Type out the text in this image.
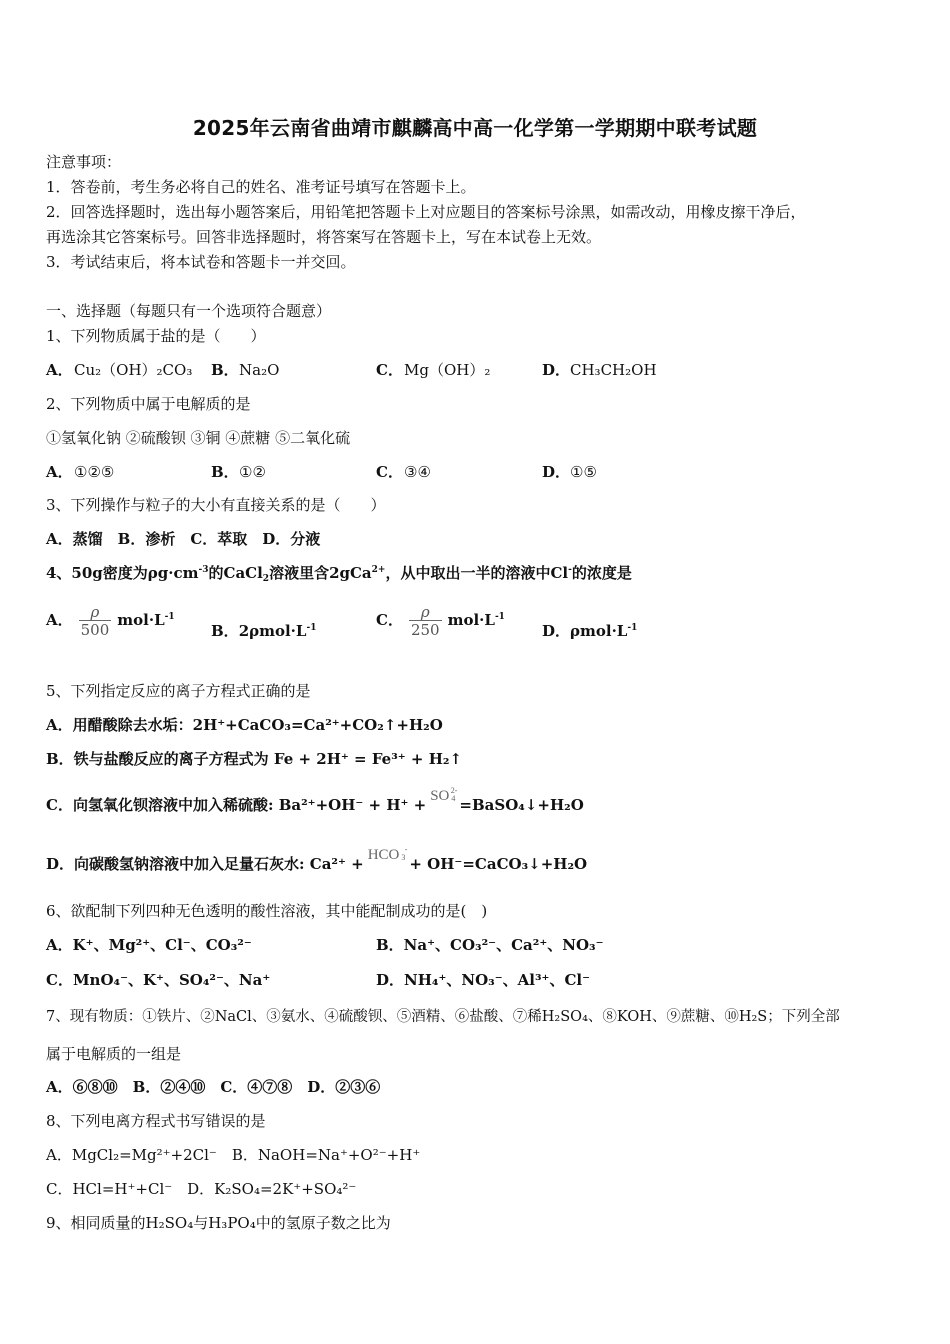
2025年云南省曲靖市麒麟高中高一化学第一学期期中联考试题
注意事项：
1．答卷前，考生务必将自己的姓名、准考证号填写在答题卡上。
2．回答选择题时，选出每小题答案后，用铅笔把答题卡上对应题目的答案标号涂黑，如需改动，用橡皮擦干净后，
再选涂其它答案标号。回答非选择题时，将答案写在答题卡上，写在本试卷上无效。
3．考试结束后，将本试卷和答题卡一并交回。
一、选择题（每题只有一个选项符合题意）
1、下列物质属于盐的是（　　）
A． Cu₂（OH）₂CO₃ B． Na₂O	C． Mg（OH）₂	D． CH₃CH₂OH
2、下列物质中属于电解质的是
①氢氧化钠 ②硫酸钡 ③铜 ④蔗糖 ⑤二氧化硫
A． ①②⑤	B． ①②	C． ③④	D． ①⑤
3、下列操作与粒子的大小有直接关系的是（　　）
A．蒸馏　B．渗析　C．萃取　D．分液
4、50g密度为$\rho g\cdot cm^{-3}$的CaCl$_2$溶液里含2gCa$^{2+}$，从中取出一半的溶液中Cl-的浓度是
A． $\frac{\rho}{500} mol\cdot L^{-1}$
B．$2\rho mol\cdot L^{-1}$	C． $\frac{\rho}{250} mol\cdot L^{-1}$
D．$\rho mol\cdot L^{-1}$
5、下列指定反应的离子方程式正确的是
A．用醋酸除去水垢：2H⁺+CaCO₃=Ca²⁺+CO₂↑+H₂O
B．铁与盐酸反应的离子方程式为 Fe + 2H⁺ = Fe³⁺ + H₂↑
C．向氢氧化钡溶液中加入稀硫酸: Ba²⁺+OH⁻ + H⁺ + SO 2-
4 =BaSO₄↓+H₂O
D．向碳酸氢钠溶液中加入足量石灰水: Ca²⁺ + HCO -
3 + OH⁻=CaCO₃↓+H₂O
6、欲配制下列四种无色透明的酸性溶液，其中能配制成功的是(　)
A．K⁺、Mg²⁺、Cl⁻、CO₃²⁻	B．Na⁺、CO₃²⁻、Ca²⁺、NO₃⁻
C．MnO₄⁻、K⁺、SO₄²⁻、Na⁺	D．NH₄⁺、NO₃⁻、Al³⁺、Cl⁻
7、现有物质：①铁片、②NaCl、③氨水、④硫酸钡、⑤酒精、⑥盐酸、⑦稀H₂SO₄、⑧KOH、⑨蔗糖、⑩H₂S；下列全部
属于电解质的一组是
A．⑥⑧⑩　B．②④⑩　C．④⑦⑧　D．②③⑥
8、下列电离方程式书写错误的是
A．MgCl₂=Mg²⁺+2Cl⁻　B．NaOH=Na⁺+O²⁻+H⁺
C．HCl=H⁺+Cl⁻　D．K₂SO₄=2K⁺+SO₄²⁻
9、相同质量的H₂SO₄与H₃PO₄中的氢原子数之比为
